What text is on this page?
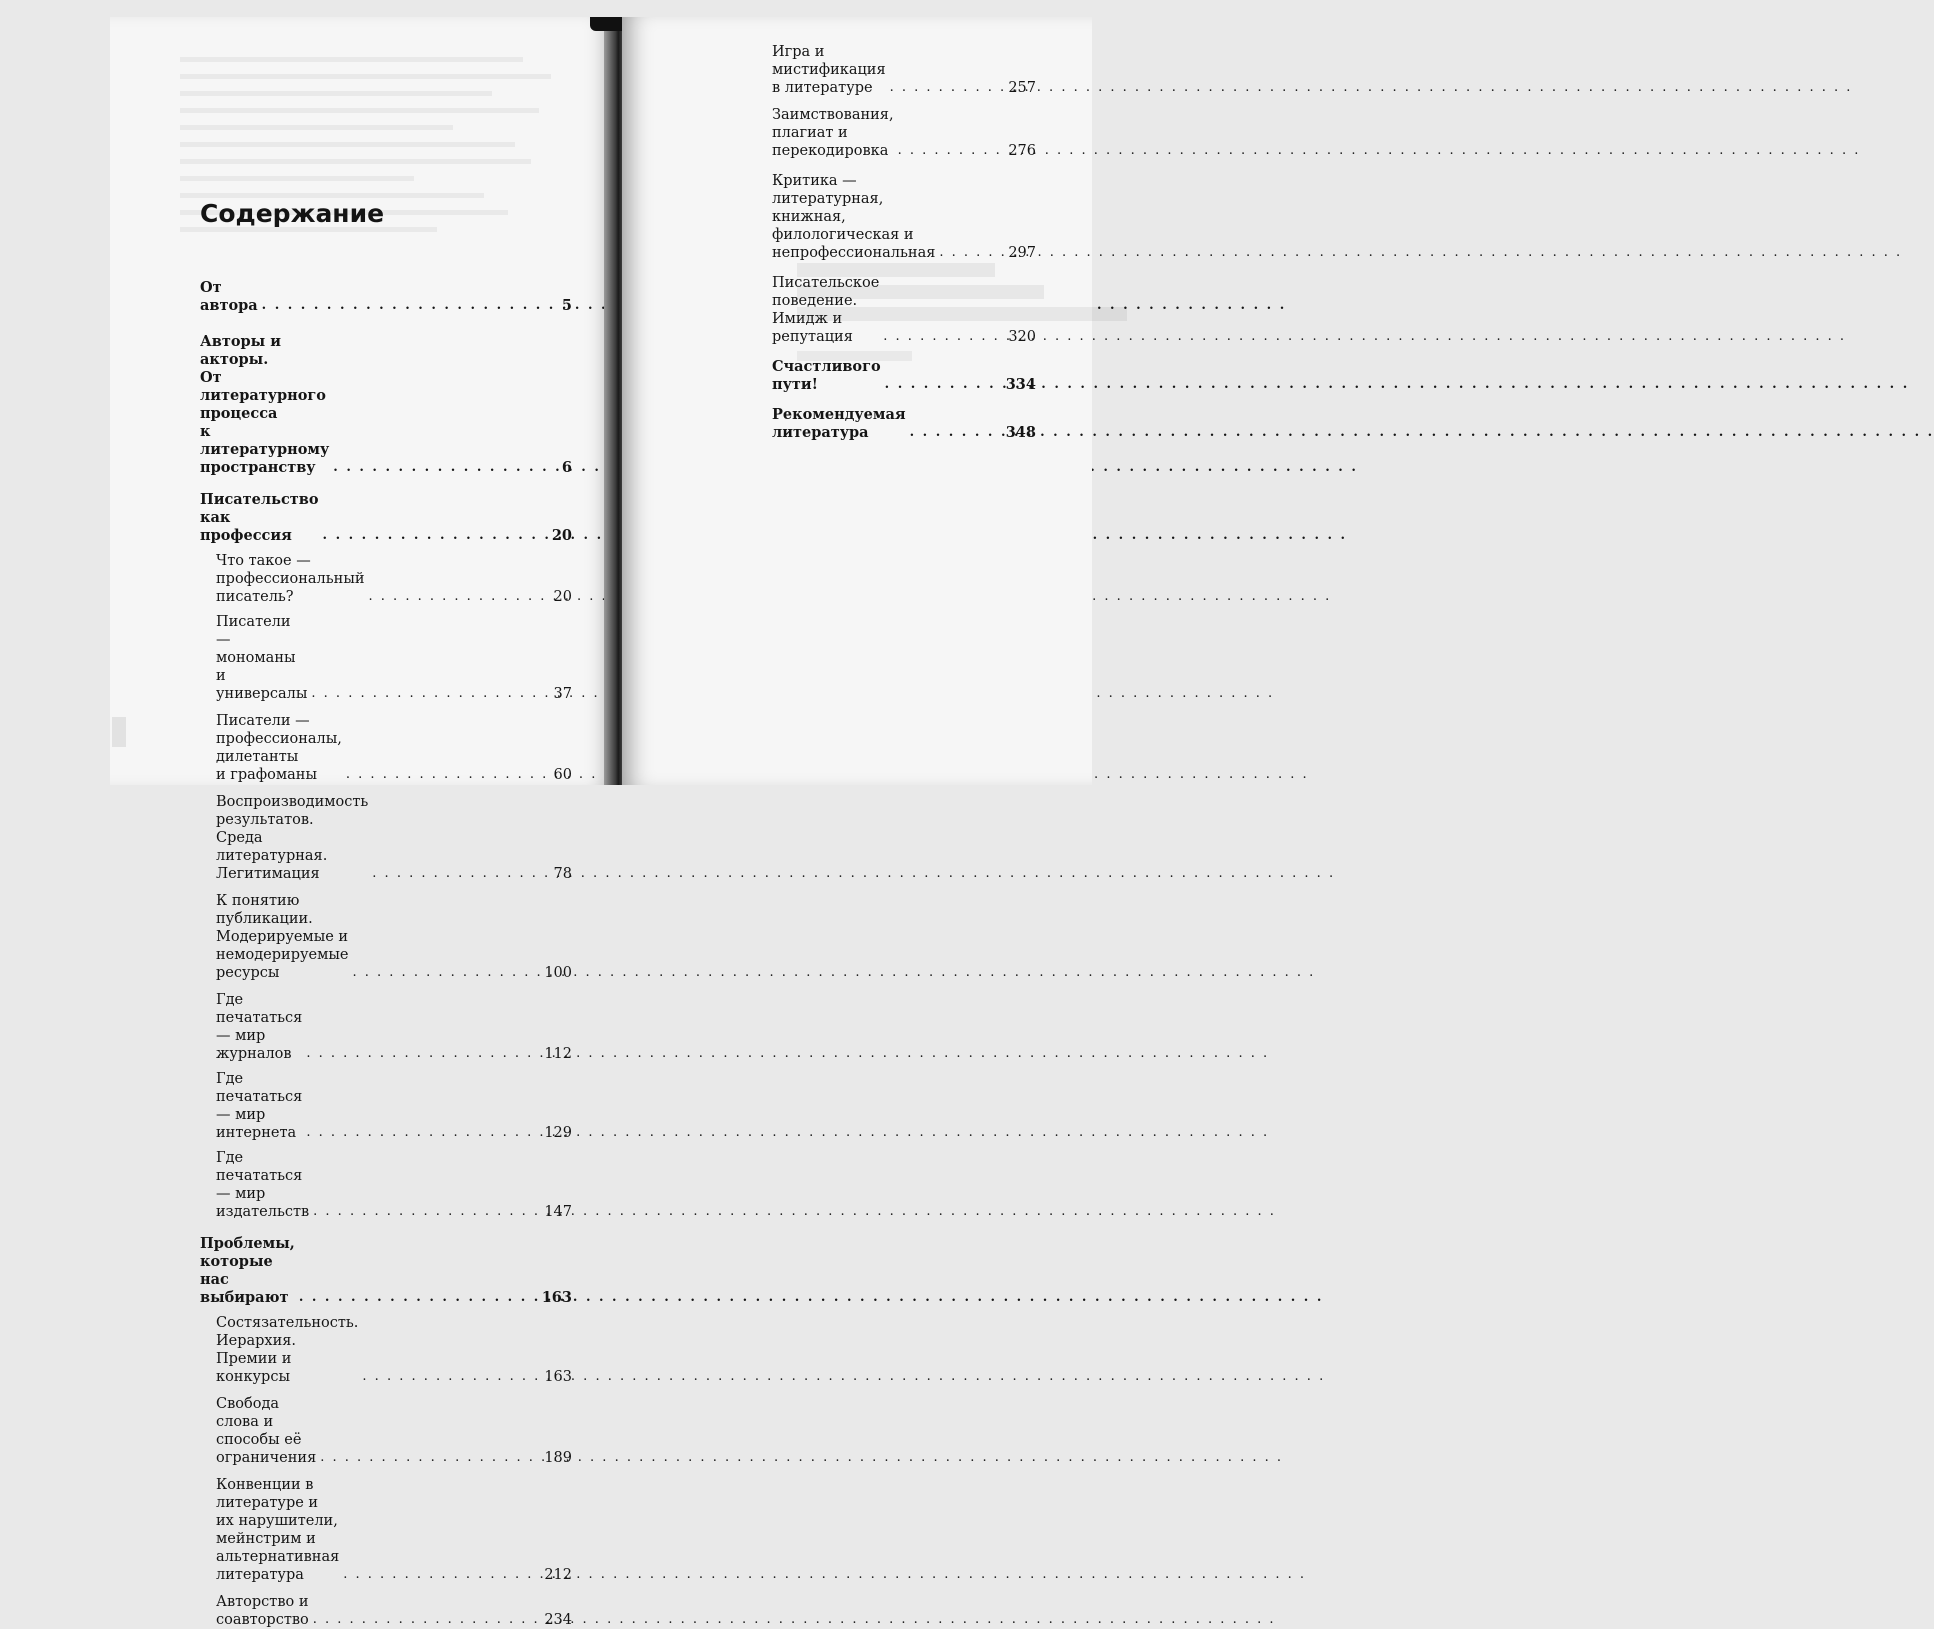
Содержание
От автора . . .	5
Авторы и акторы.
От литературного процесса
к литературному пространству . . .	6
Писательство как профессия . . .	20
Что такое — профессиональный писатель? . . .	20
Писатели — мономаны и универсалы . . .	37
Писатели — профессионалы, дилетанты
и графоманы . . .	60
Воспроизводимость результатов.
Среда литературная. Легитимация . . .	78
К понятию публикации.
Модерируемые и немодерируемые ресурсы . . .	100
Где печататься — мир журналов . . .	112
Где печататься — мир интернета . . .	129
Где печататься — мир издательств . . .	147
Проблемы, которые нас выбирают . . .	163
Состязательность. Иерархия.
Премии и конкурсы . . .	163
Свобода слова и способы её ограничения . . .	189
Конвенции в литературе и их нарушители,
мейнстрим и альтернативная литература . . .	212
Авторство и соавторство . . .	234
Игра и мистификация в литературе . . .	257
Заимствования, плагиат и перекодировка . . .	276
Критика — литературная, книжная,
филологическая и непрофессиональная . . .	297
Писательское поведение.
Имидж и репутация . . .	320
Счастливого пути! . . .	334
Рекомендуемая литература . . .	348
